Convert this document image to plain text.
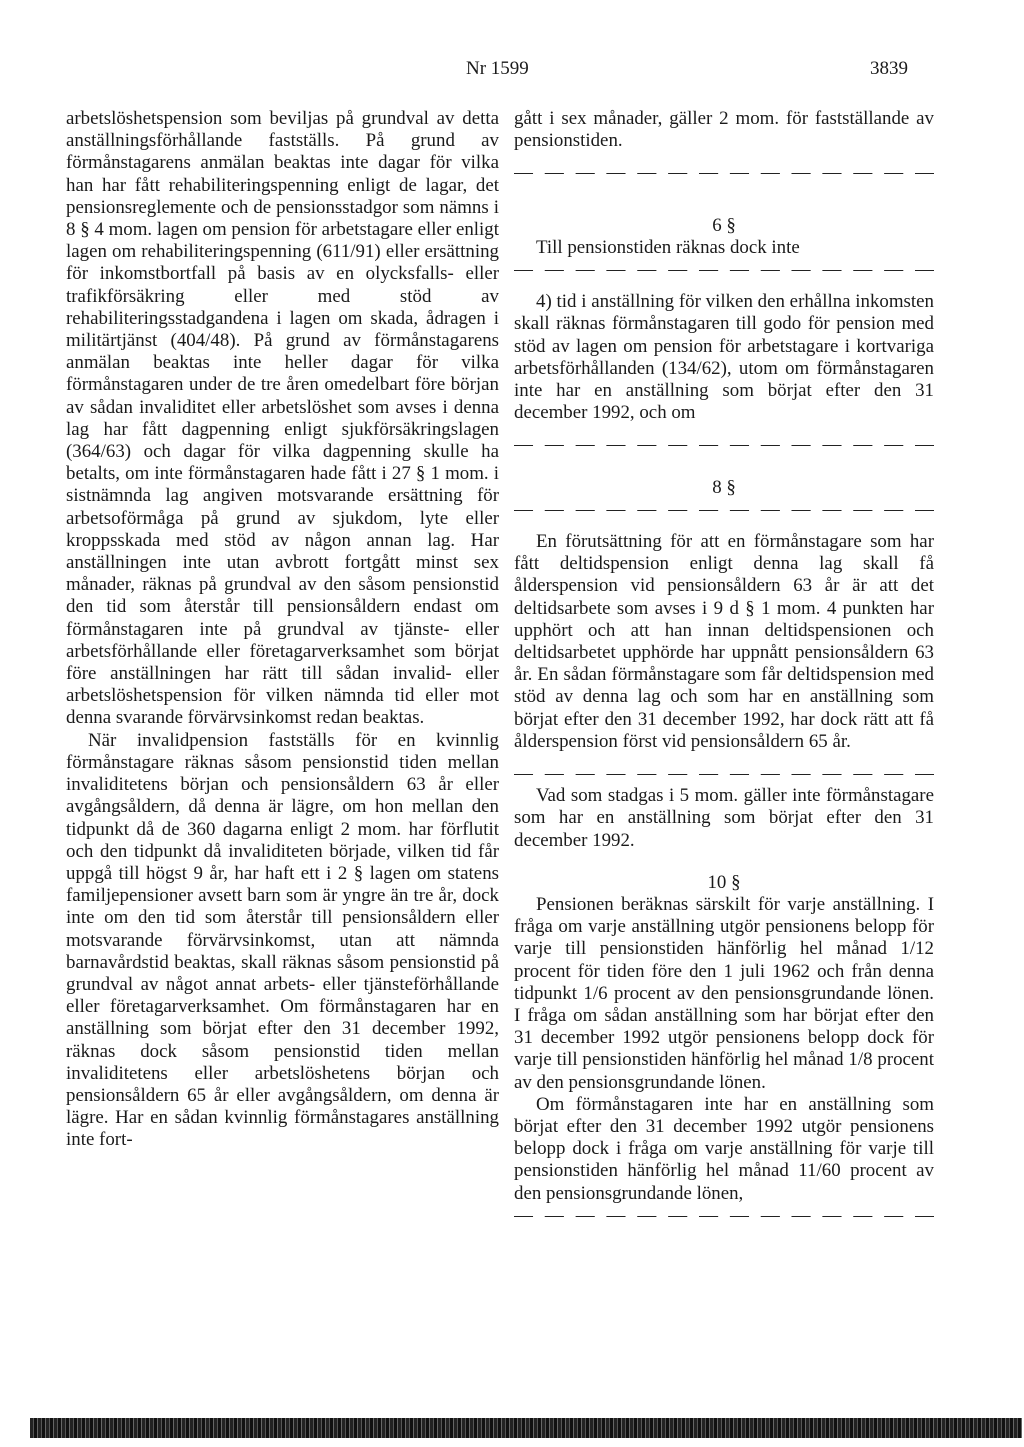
Nr 1599	3839

arbetslöshetspension som beviljas på grundval av detta anställningsförhållande fastställs. På grund av förmånstagarens anmälan beaktas inte dagar för vilka han har fått rehabiliteringspenning enligt de lagar, det pensionsreglemente och de pensionsstadgor som nämns i 8 § 4 mom. lagen om pension för arbetstagare eller enligt lagen om rehabiliteringspenning (611/91) eller ersättning för inkomstbortfall på basis av en olycksfalls- eller trafikförsäkring eller med stöd av rehabiliteringsstadgandena i lagen om skada, ådragen i militärtjänst (404/48). På grund av förmånstagarens anmälan beaktas inte heller dagar för vilka förmånstagaren under de tre åren omedelbart före början av sådan invaliditet eller arbetslöshet som avses i denna lag har fått dagpenning enligt sjukförsäkringslagen (364/63) och dagar för vilka dagpenning skulle ha betalts, om inte förmånstagaren hade fått i 27 § 1 mom. i sistnämnda lag angiven motsvarande ersättning för arbetsoförmåga på grund av sjukdom, lyte eller kroppsskada med stöd av någon annan lag. Har anställningen inte utan avbrott fortgått minst sex månader, räknas på grundval av den såsom pensionstid den tid som återstår till pensionsåldern endast om förmånstagaren inte på grundval av tjänste- eller arbetsförhållande eller företagarverksamhet som börjat före anställningen har rätt till sådan invalid- eller arbetslöshetspension för vilken nämnda tid eller mot denna svarande förvärvsinkomst redan beaktas.

När invalidpension fastställs för en kvinnlig förmånstagare räknas såsom pensionstid tiden mellan invaliditetens början och pensionsåldern 63 år eller avgångsåldern, då denna är lägre, om hon mellan den tidpunkt då de 360 dagarna enligt 2 mom. har förflutit och den tidpunkt då invaliditeten började, vilken tid får uppgå till högst 9 år, har haft ett i 2 § lagen om statens familjepensioner avsett barn som är yngre än tre år, dock inte om den tid som återstår till pensionsåldern eller motsvarande förvärvsinkomst, utan att nämnda barnavårdstid beaktas, skall räknas såsom pensionstid på grundval av något annat arbets- eller tjänsteförhållande eller företagarverksamhet. Om förmånstagaren har en anställning som börjat efter den 31 december 1992, räknas dock såsom pensionstid tiden mellan invaliditetens eller arbetslöshetens början och pensionsåldern 65 år eller avgångsåldern, om denna är lägre. Har en sådan kvinnlig förmånstagares anställning inte fort-

gått i sex månader, gäller 2 mom. för fastställande av pensionstiden.

— — — — — — — — — — — — — —

6 §

Till pensionstiden räknas dock inte

— — — — — — — — — — — — — —

4) tid i anställning för vilken den erhållna inkomsten skall räknas förmånstagaren till godo för pension med stöd av lagen om pension för arbetstagare i kortvariga arbetsförhållanden (134/62), utom om förmånstagaren inte har en anställning som börjat efter den 31 december 1992, och om

— — — — — — — — — — — — — —

8 §

— — — — — — — — — — — — — —

En förutsättning för att en förmånstagare som har fått deltidspension enligt denna lag skall få ålderspension vid pensionsåldern 63 år är att det deltidsarbete som avses i 9 d § 1 mom. 4 punkten har upphört och att han innan deltidspensionen och deltidsarbetet upphörde har uppnått pensionsåldern 63 år. En sådan förmånstagare som får deltidspension med stöd av denna lag och som har en anställning som börjat efter den 31 december 1992, har dock rätt att få ålderspension först vid pensionsåldern 65 år.

— — — — — — — — — — — — — —

Vad som stadgas i 5 mom. gäller inte förmånstagare som har en anställning som börjat efter den 31 december 1992.

10 §

Pensionen beräknas särskilt för varje anställning. I fråga om varje anställning utgör pensionens belopp för varje till pensionstiden hänförlig hel månad 1/12 procent för tiden före den 1 juli 1962 och från denna tidpunkt 1/6 procent av den pensionsgrundande lönen. I fråga om sådan anställning som har börjat efter den 31 december 1992 utgör pensionens belopp dock för varje till pensionstiden hänförlig hel månad 1/8 procent av den pensionsgrundande lönen.

Om förmånstagaren inte har en anställning som börjat efter den 31 december 1992 utgör pensionens belopp dock i fråga om varje anställning för varje till pensionstiden hänförlig hel månad 11/60 procent av den pensionsgrundande lönen,

— — — — — — — — — — — — — —
